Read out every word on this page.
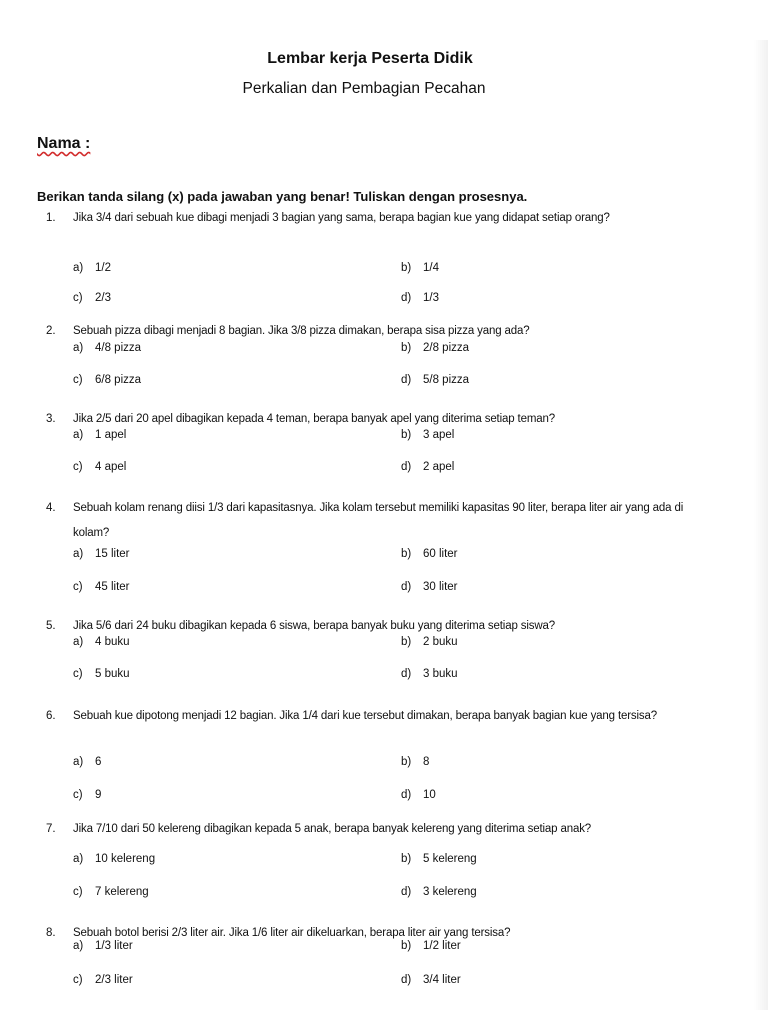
Lembar kerja Peserta Didik
Perkalian dan Pembagian Pecahan
Nama :
Berikan tanda silang (x) pada jawaban yang benar! Tuliskan dengan prosesnya.
1. Jika 3/4 dari sebuah kue dibagi menjadi 3 bagian yang sama, berapa bagian kue yang didapat setiap orang?
a) 1/2	b) 1/4
c) 2/3	d) 1/3
2. Sebuah pizza dibagi menjadi 8 bagian. Jika 3/8 pizza dimakan, berapa sisa pizza yang ada?
a) 4/8 pizza	b) 2/8 pizza
c) 6/8 pizza	d) 5/8 pizza
3. Jika 2/5 dari 20 apel dibagikan kepada 4 teman, berapa banyak apel yang diterima setiap teman?
a) 1 apel	b) 3 apel
c) 4 apel	d) 2 apel
4. Sebuah kolam renang diisi 1/3 dari kapasitasnya. Jika kolam tersebut memiliki kapasitas 90 liter, berapa liter air yang ada di kolam?
a) 15 liter	b) 60 liter
c) 45 liter	d) 30 liter
5. Jika 5/6 dari 24 buku dibagikan kepada 6 siswa, berapa banyak buku yang diterima setiap siswa?
a) 4 buku	b) 2 buku
c) 5 buku	d) 3 buku
6. Sebuah kue dipotong menjadi 12 bagian. Jika 1/4 dari kue tersebut dimakan, berapa banyak bagian kue yang tersisa?
a) 6	b) 8
c) 9	d) 10
7. Jika 7/10 dari 50 kelereng dibagikan kepada 5 anak, berapa banyak kelereng yang diterima setiap anak?
a) 10 kelereng	b) 5 kelereng
c) 7 kelereng	d) 3 kelereng
8. Sebuah botol berisi 2/3 liter air. Jika 1/6 liter air dikeluarkan, berapa liter air yang tersisa?
a) 1/3 liter	b) 1/2 liter
c) 2/3 liter	d) 3/4 liter
